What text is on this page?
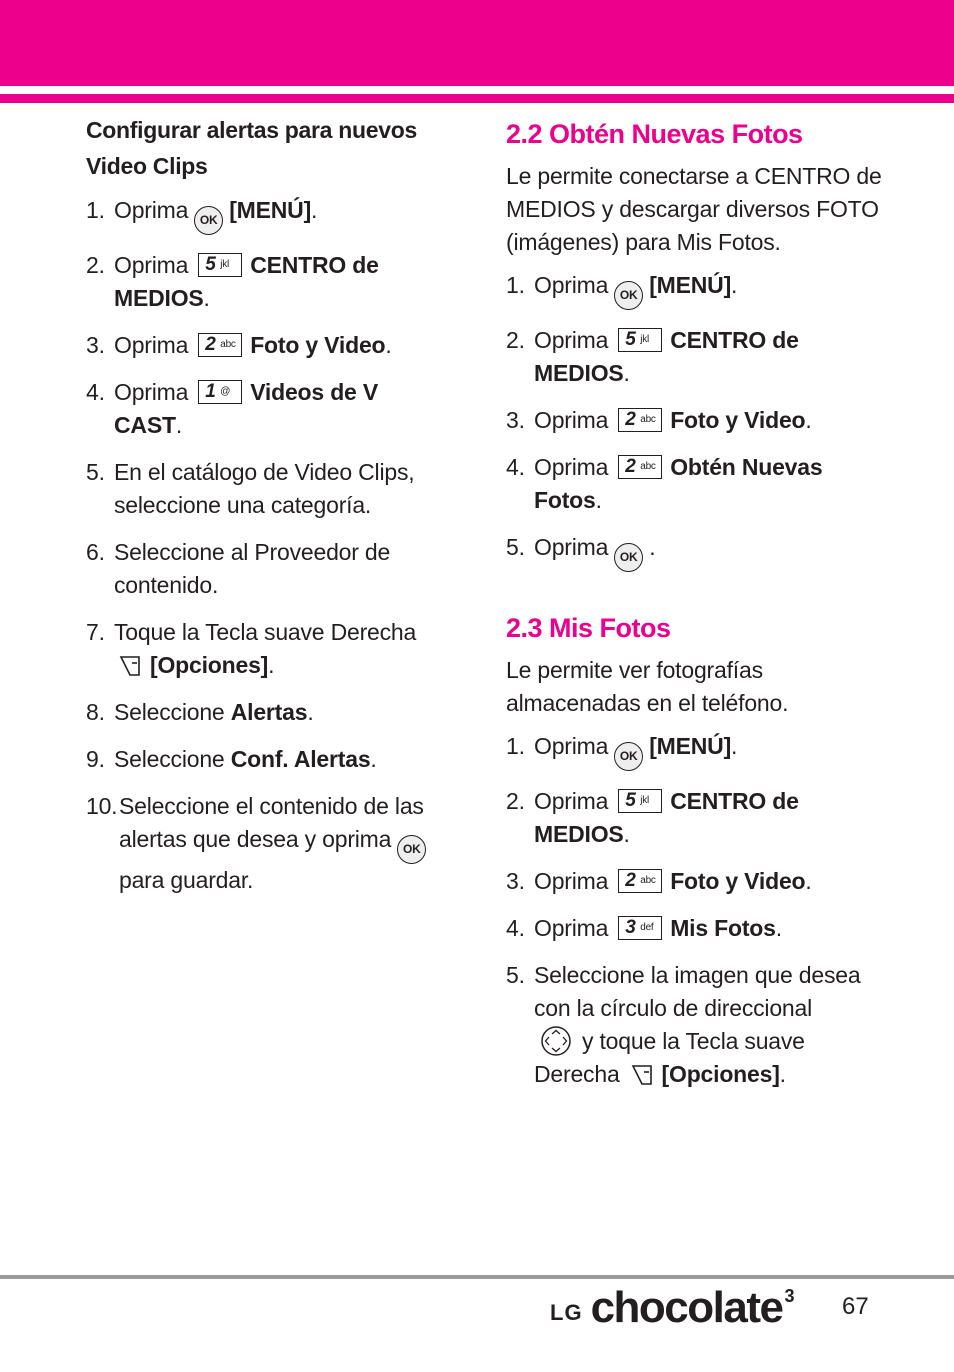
Configurar alertas para nuevos Video Clips
1. Oprima OK [MENÚ].
2. Oprima 5 jkl CENTRO de MEDIOS.
3. Oprima 2 abc Foto y Video.
4. Oprima 1 @ Videos de V CAST.
5. En el catálogo de Video Clips, seleccione una categoría.
6. Seleccione al Proveedor de contenido.
7. Toque la Tecla suave Derecha
[Opciones].
8. Seleccione Alertas.
9. Seleccione Conf. Alertas.
10. Seleccione el contenido de las alertas que desea y oprima OK para guardar.
2.2 Obtén Nuevas Fotos
Le permite conectarse a CENTRO de MEDIOS y descargar diversos FOTO (imágenes) para Mis Fotos.
1. Oprima OK [MENÚ].
2. Oprima 5 jkl CENTRO de MEDIOS.
3. Oprima 2 abc Foto y Video.
4. Oprima 2 abc Obtén Nuevas Fotos.
5. Oprima OK .
2.3 Mis Fotos
Le permite ver fotografías almacenadas en el teléfono.
1. Oprima OK [MENÚ].
2. Oprima 5 jkl CENTRO de MEDIOS.
3. Oprima 2 abc Foto y Video.
4. Oprima 3 def Mis Fotos.
5. Seleccione la imagen que desea con la círculo de direccional
y toque la Tecla suave Derecha [Opciones].
LG chocolate 3 67
